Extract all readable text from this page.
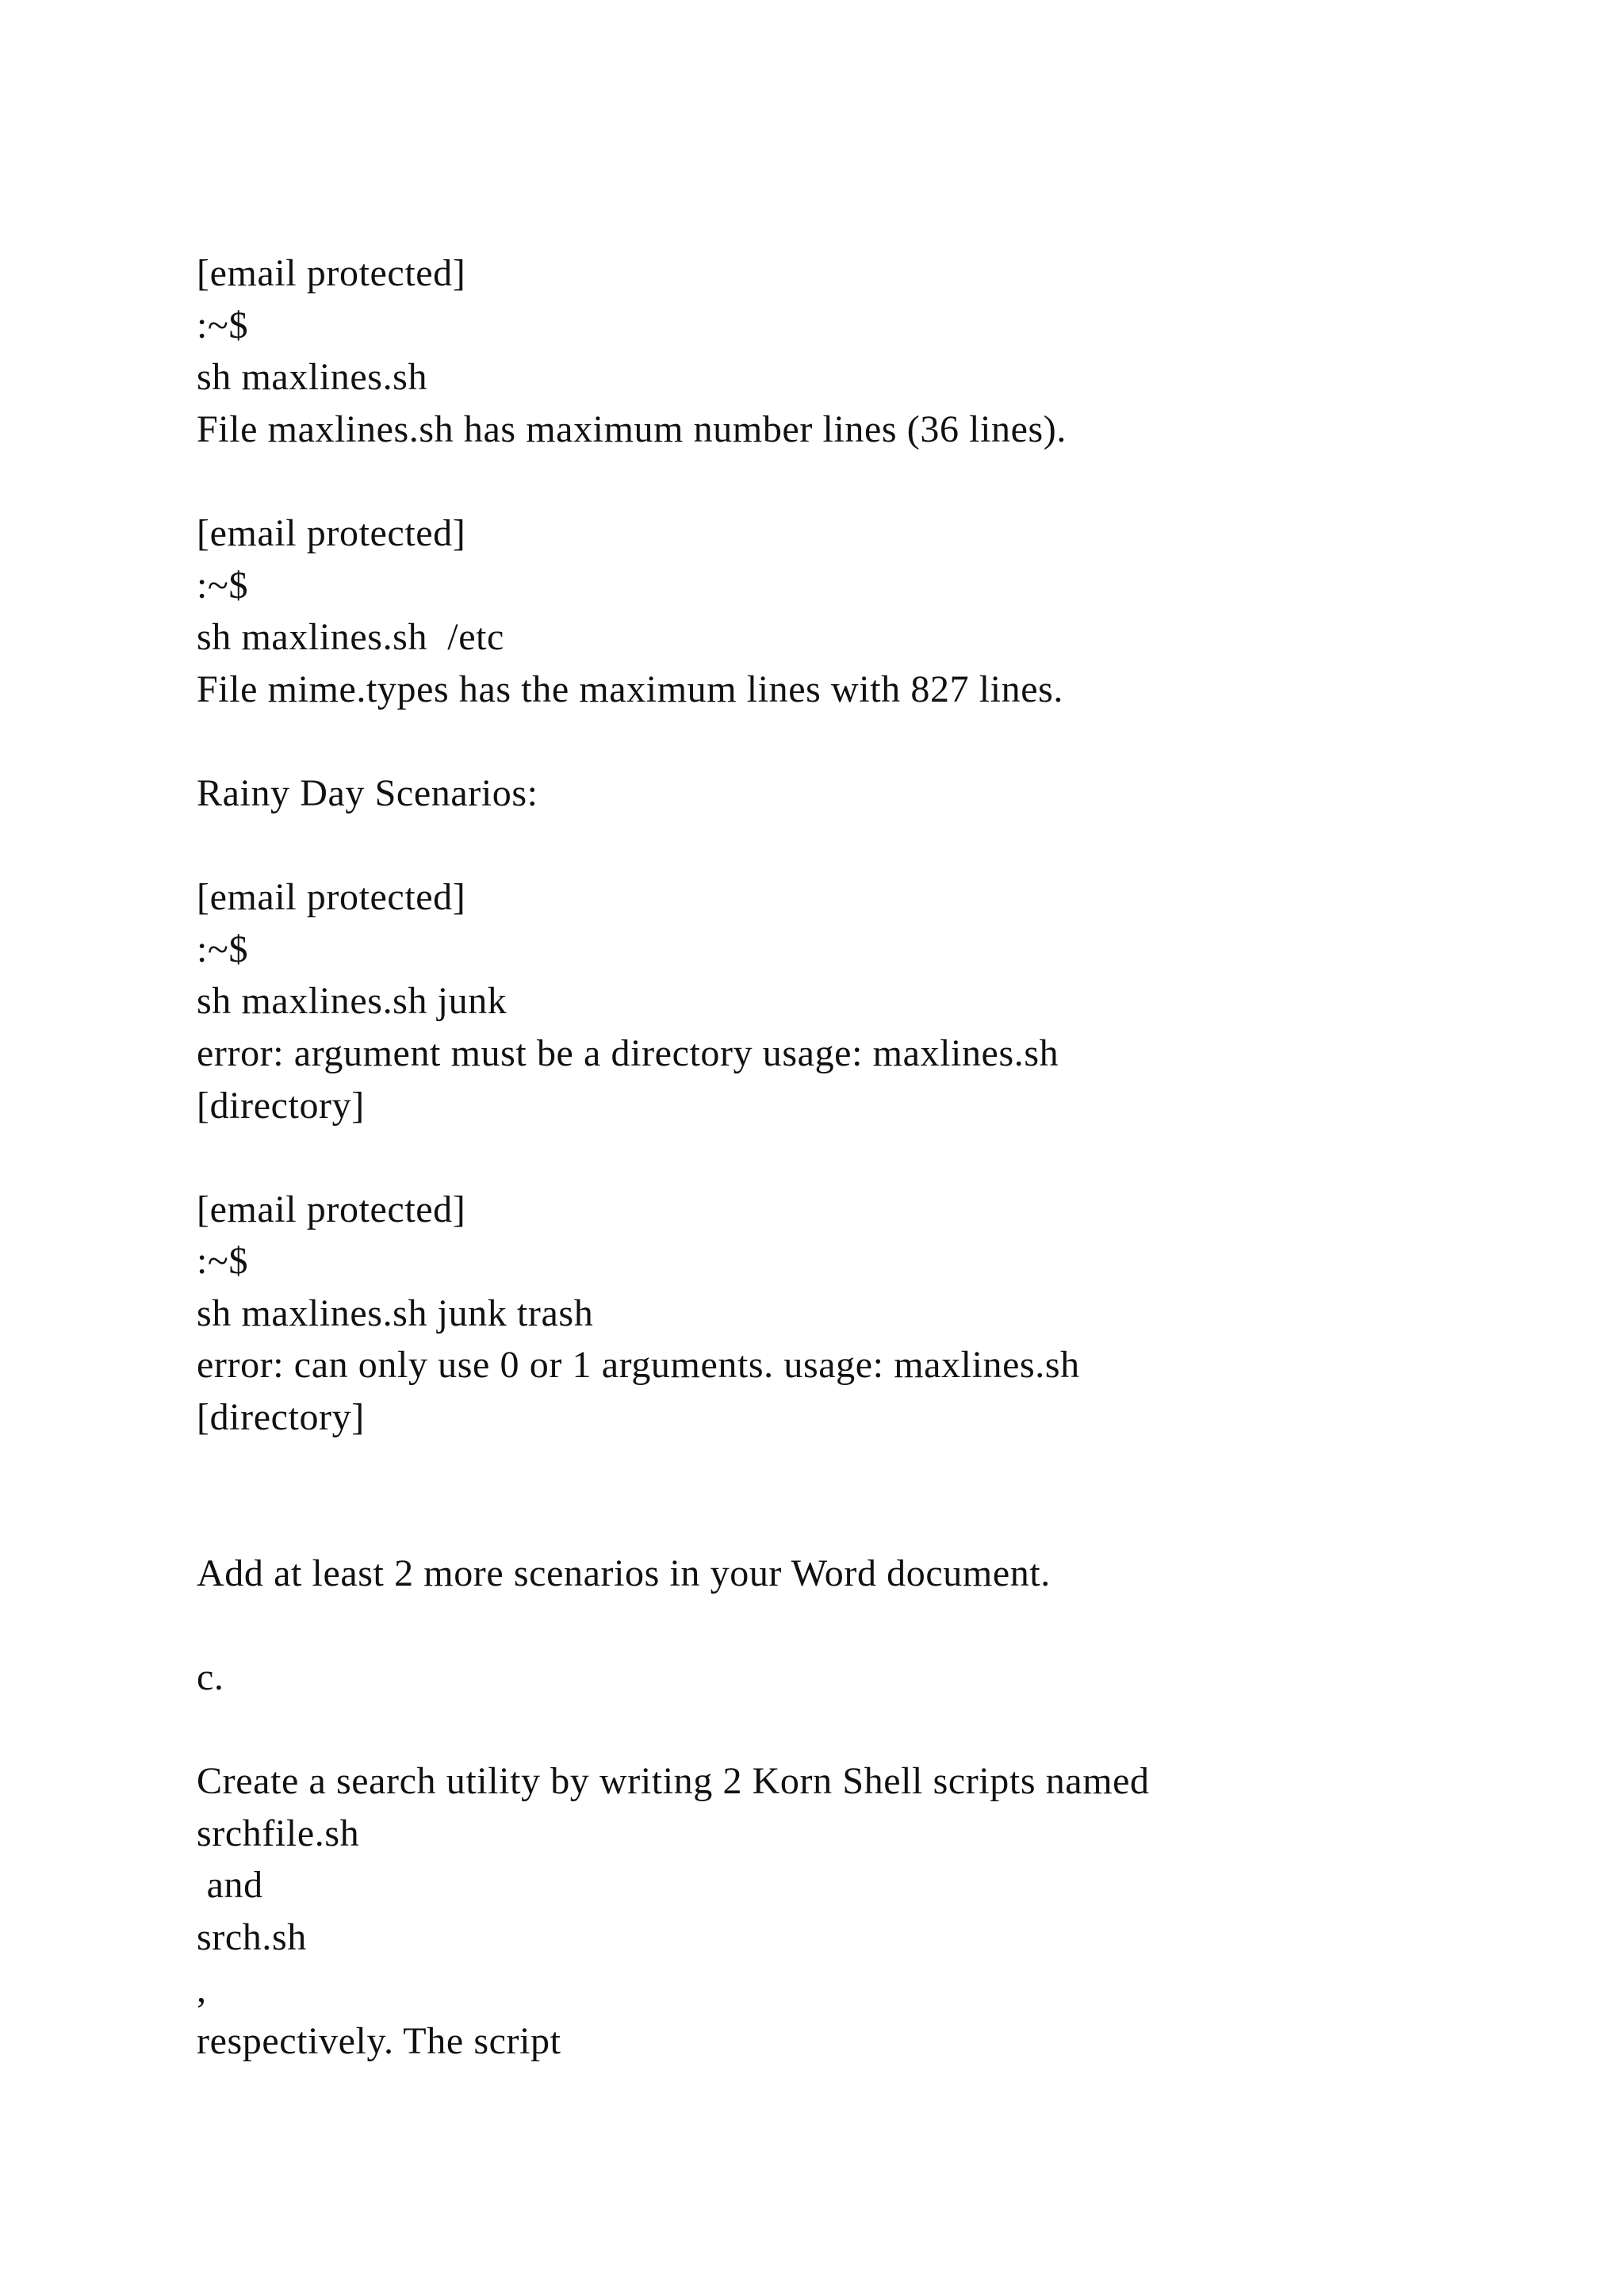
[email protected]
:~$
sh maxlines.sh
File maxlines.sh has maximum number lines (36 lines).
[email protected]
:~$
sh maxlines.sh  /etc
File mime.types has the maximum lines with 827 lines.
Rainy Day Scenarios:
[email protected]
:~$
sh maxlines.sh junk
error: argument must be a directory usage: maxlines.sh
[directory]
[email protected]
:~$
sh maxlines.sh junk trash
error: can only use 0 or 1 arguments. usage: maxlines.sh
[directory]
Add at least 2 more scenarios in your Word document.
c.
Create a search utility by writing 2 Korn Shell scripts named
srchfile.sh
and
srch.sh
,
respectively. The script
